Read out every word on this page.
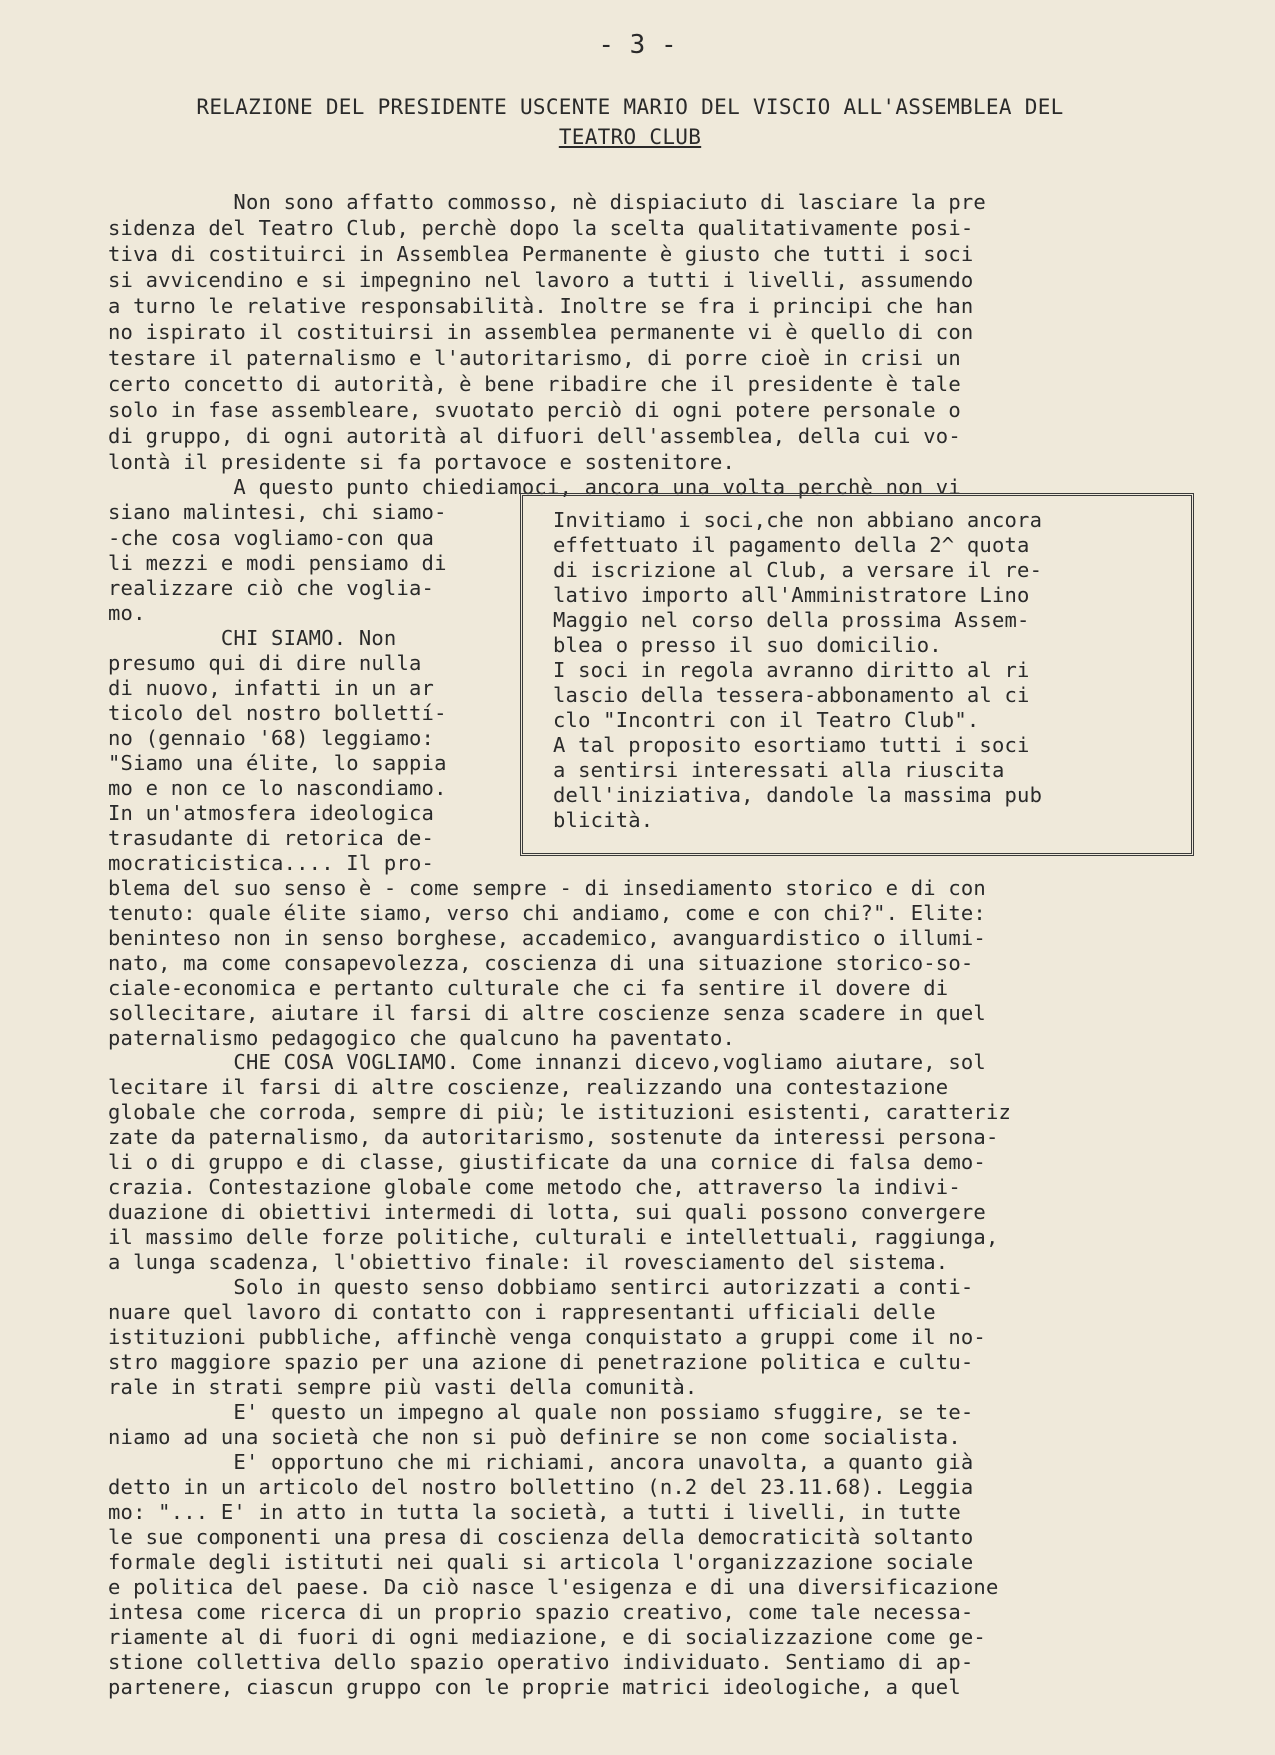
- 3 -
RELAZIONE DEL PRESIDENTE USCENTE MARIO DEL VISCIO ALL'ASSEMBLEA DEL
TEATRO CLUB
Non sono affatto commosso, nè dispiaciuto di lasciare la pre
sidenza del Teatro Club, perchè dopo la scelta qualitativamente posi-
tiva di costituirci in Assemblea Permanente è giusto che tutti i soci
si avvicendino e si impegnino nel lavoro a tutti i livelli, assumendo
a turno le relative responsabilità. Inoltre se fra i principi che han
no ispirato il costituirsi in assemblea permanente vi è quello di con
testare il paternalismo e l'autoritarismo, di porre cioè in crisi un
certo concetto di autorità, è bene ribadire che il presidente è tale
solo in fase assembleare, svuotato perciò di ogni potere personale o
di gruppo, di ogni autorità al difuori dell'assemblea, della cui vo-
lontà il presidente si fa portavoce e sostenitore.
A questo punto chiediamoci, ancora una volta perchè non vi
siano malintesi, chi siamo-
-che cosa vogliamo-con qua
li mezzi e modi pensiamo di
realizzare ciò che voglia-
mo.
CHI SIAMO. Non
presumo qui di dire nulla
di nuovo, infatti in un ar
ticolo del nostro bollettí-
no (gennaio '68) leggiamo:
"Siamo una élite, lo sappia
mo e non ce lo nascondiamo.
In un'atmosfera ideologica
trasudante di retorica de-
mocraticistica.... Il pro-
Invitiamo i soci,che non abbiano ancora
effettuato il pagamento della 2^ quota
di iscrizione al Club, a versare il re-
lativo importo all'Amministratore Lino
Maggio nel corso della prossima Assem-
blea o presso il suo domicilio.
I soci in regola avranno diritto al ri
lascio della tessera-abbonamento al ci
clo "Incontri con il Teatro Club".
A tal proposito esortiamo tutti i soci
a sentirsi interessati alla riuscita
dell'iniziativa, dandole la massima pub
blicità.
blema del suo senso è - come sempre - di insediamento storico e di con
tenuto: quale élite siamo, verso chi andiamo, come e con chi?". Elite:
beninteso non in senso borghese, accademico, avanguardistico o illumi-
nato, ma come consapevolezza, coscienza di una situazione storico-so-
ciale-economica e pertanto culturale che ci fa sentire il dovere di
sollecitare, aiutare il farsi di altre coscienze senza scadere in quel
paternalismo pedagogico che qualcuno ha paventato.
CHE COSA VOGLIAMO. Come innanzi dicevo,vogliamo aiutare, sol
lecitare il farsi di altre coscienze, realizzando una contestazione
globale che corroda, sempre di più; le istituzioni esistenti, caratteriz
zate da paternalismo, da autoritarismo, sostenute da interessi persona-
li o di gruppo e di classe, giustificate da una cornice di falsa demo-
crazia. Contestazione globale come metodo che, attraverso la indivi-
duazione di obiettivi intermedi di lotta, sui quali possono convergere
il massimo delle forze politiche, culturali e intellettuali, raggiunga,
a lunga scadenza, l'obiettivo finale: il rovesciamento del sistema.
Solo in questo senso dobbiamo sentirci autorizzati a conti-
nuare quel lavoro di contatto con i rappresentanti ufficiali delle
istituzioni pubbliche, affinchè venga conquistato a gruppi come il no-
stro maggiore spazio per una azione di penetrazione politica e cultu-
rale in strati sempre più vasti della comunità.
E' questo un impegno al quale non possiamo sfuggire, se te-
niamo ad una società che non si può definire se non come socialista.
E' opportuno che mi richiami, ancora unavolta, a quanto già
detto in un articolo del nostro bollettino (n.2 del 23.11.68). Leggia
mo: "... E' in atto in tutta la società, a tutti i livelli, in tutte
le sue componenti una presa di coscienza della democraticità soltanto
formale degli istituti nei quali si articola l'organizzazione sociale
e politica del paese. Da ciò nasce l'esigenza e di una diversificazione
intesa come ricerca di un proprio spazio creativo, come tale necessa-
riamente al di fuori di ogni mediazione, e di socializzazione come ge-
stione collettiva dello spazio operativo individuato. Sentiamo di ap-
partenere, ciascun gruppo con le proprie matrici ideologiche, a quel
